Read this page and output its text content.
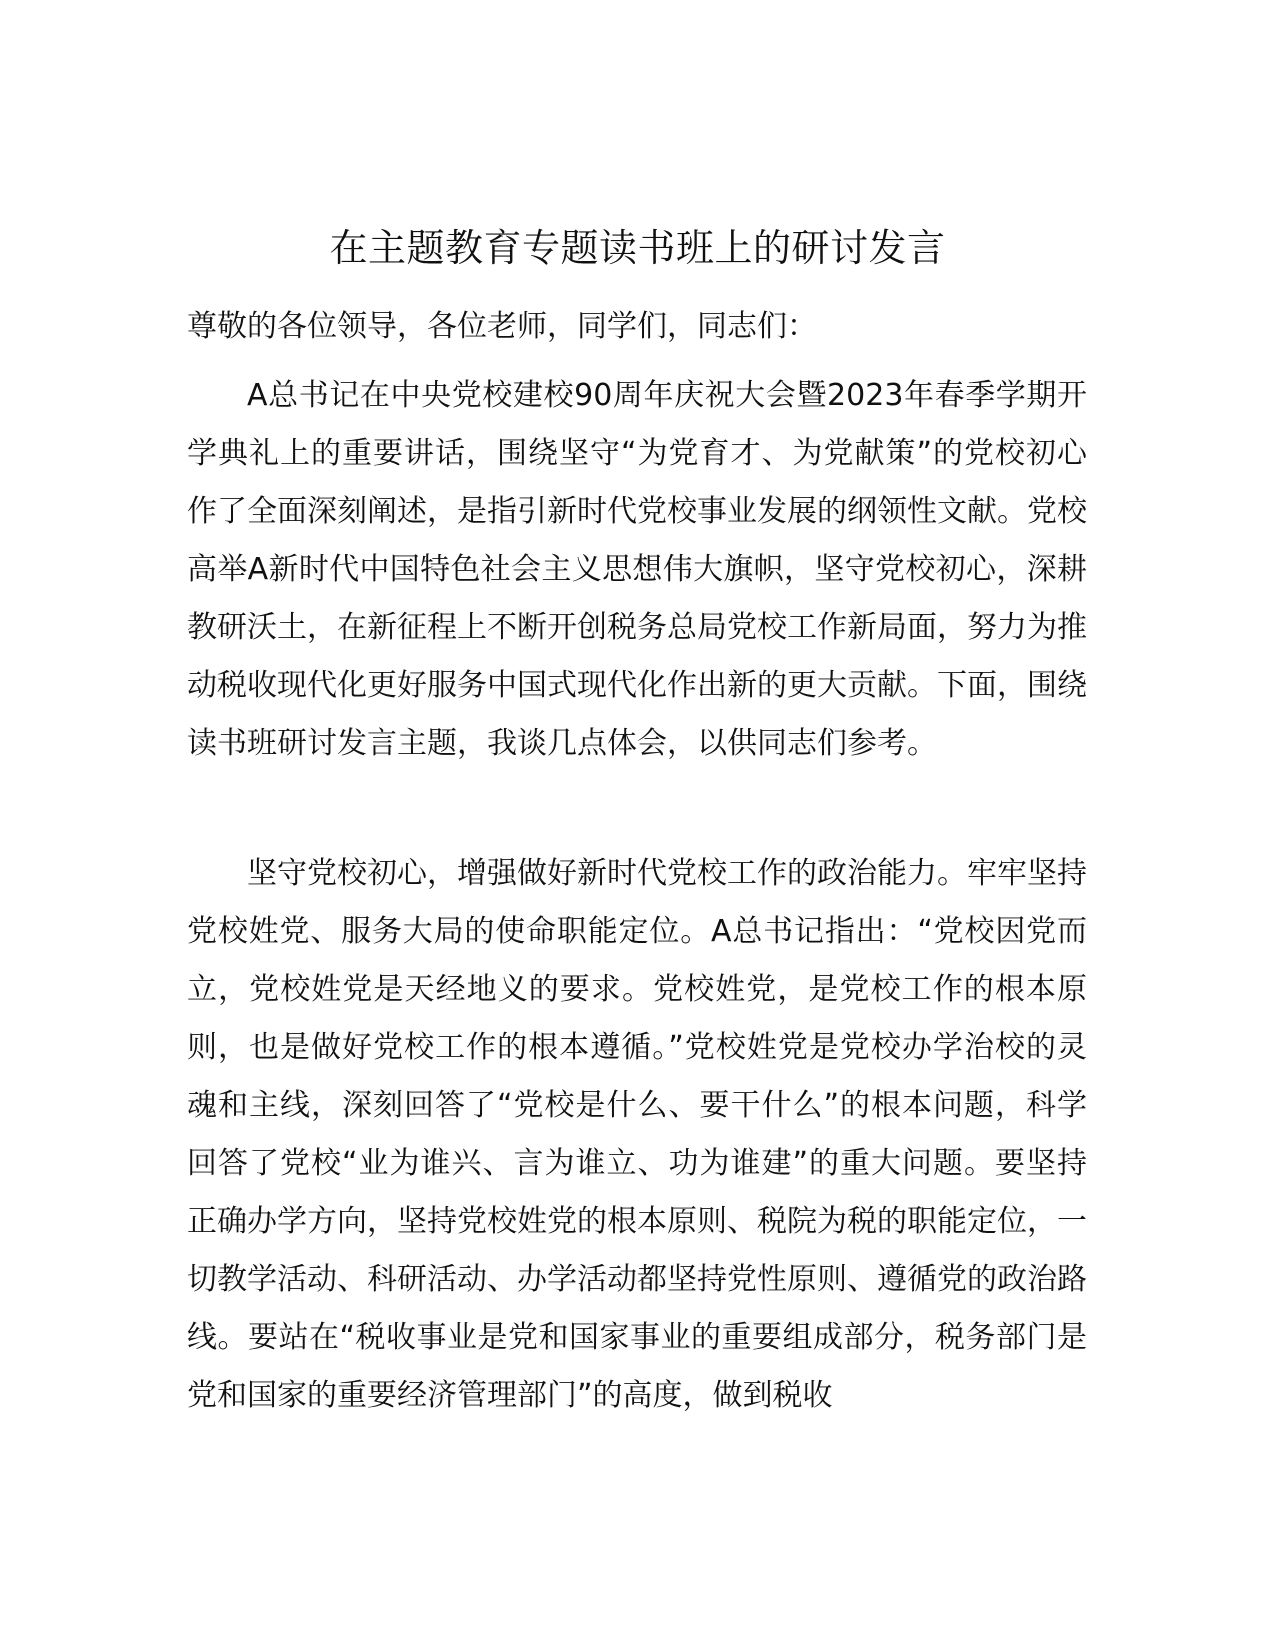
在主题教育专题读书班上的研讨发言

尊敬的各位领导，各位老师，同学们，同志们：

A总书记在中央党校建校90周年庆祝大会暨2023年春季学期开学典礼上的重要讲话，围绕坚守“为党育才、为党献策”的党校初心作了全面深刻阐述，是指引新时代党校事业发展的纲领性文献。党校高举A新时代中国特色社会主义思想伟大旗帜，坚守党校初心，深耕教研沃土，在新征程上不断开创税务总局党校工作新局面，努力为推动税收现代化更好服务中国式现代化作出新的更大贡献。下面，围绕读书班研讨发言主题，我谈几点体会，以供同志们参考。

坚守党校初心，增强做好新时代党校工作的政治能力。牢牢坚持党校姓党、服务大局的使命职能定位。A总书记指出：“党校因党而立，党校姓党是天经地义的要求。党校姓党，是党校工作的根本原则，也是做好党校工作的根本遵循。”党校姓党是党校办学治校的灵魂和主线，深刻回答了“党校是什么、要干什么”的根本问题，科学回答了党校“业为谁兴、言为谁立、功为谁建”的重大问题。要坚持正确办学方向，坚持党校姓党的根本原则、税院为税的职能定位，一切教学活动、科研活动、办学活动都坚持党性原则、遵循党的政治路线。要站在“税收事业是党和国家事业的重要组成部分，税务部门是党和国家的重要经济管理部门”的高度，做到税收
